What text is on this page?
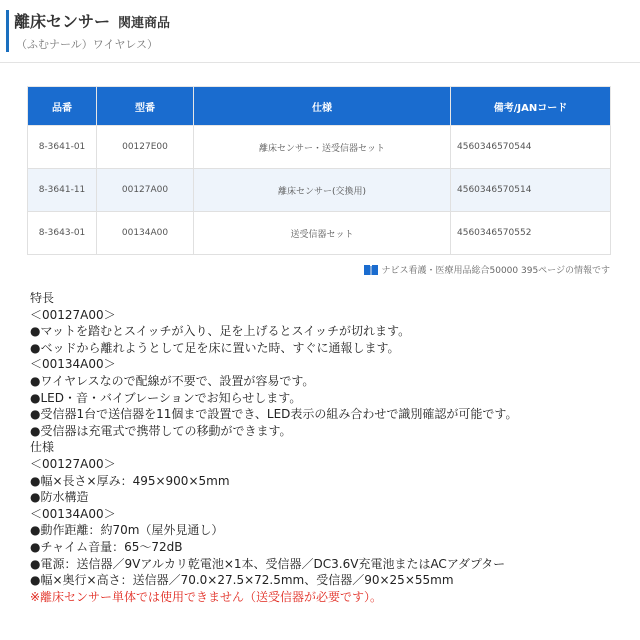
離床センサー 関連商品
（ふむナール）ワイヤレス）
品番	型番	仕様	備考/JANコード
8-3641-01	00127E00	離床センサー・送受信器セット	4560346570544
8-3641-11	00127A00	離床センサー(交換用)	4560346570514
8-3643-01	00134A00	送受信器セット	4560346570552
ナビス看護・医療用品総合50000 395ページの情報です
特長
＜00127A00＞
●マットを踏むとスイッチが入り、足を上げるとスイッチが切れます。
●ベッドから離れようとして足を床に置いた時、すぐに通報します。
＜00134A00＞
●ワイヤレスなので配線が不要で、設置が容易です。
●LED・音・バイブレーションでお知らせします。
●受信器1台で送信器を11個まで設置でき、LED表示の組み合わせで識別確認が可能です。
●受信器は充電式で携帯しての移動ができます。
仕様
＜00127A00＞
●幅×長さ×厚み：495×900×5mm
●防水構造
＜00134A00＞
●動作距離：約70m（屋外見通し）
●チャイム音量：65～72dB
●電源：送信器／9Vアルカリ乾電池×1本、受信器／DC3.6V充電池またはACアダプター
●幅×奥行×高さ：送信器／70.0×27.5×72.5mm、受信器／90×25×55mm
※離床センサー単体では使用できません（送受信器が必要です）。
